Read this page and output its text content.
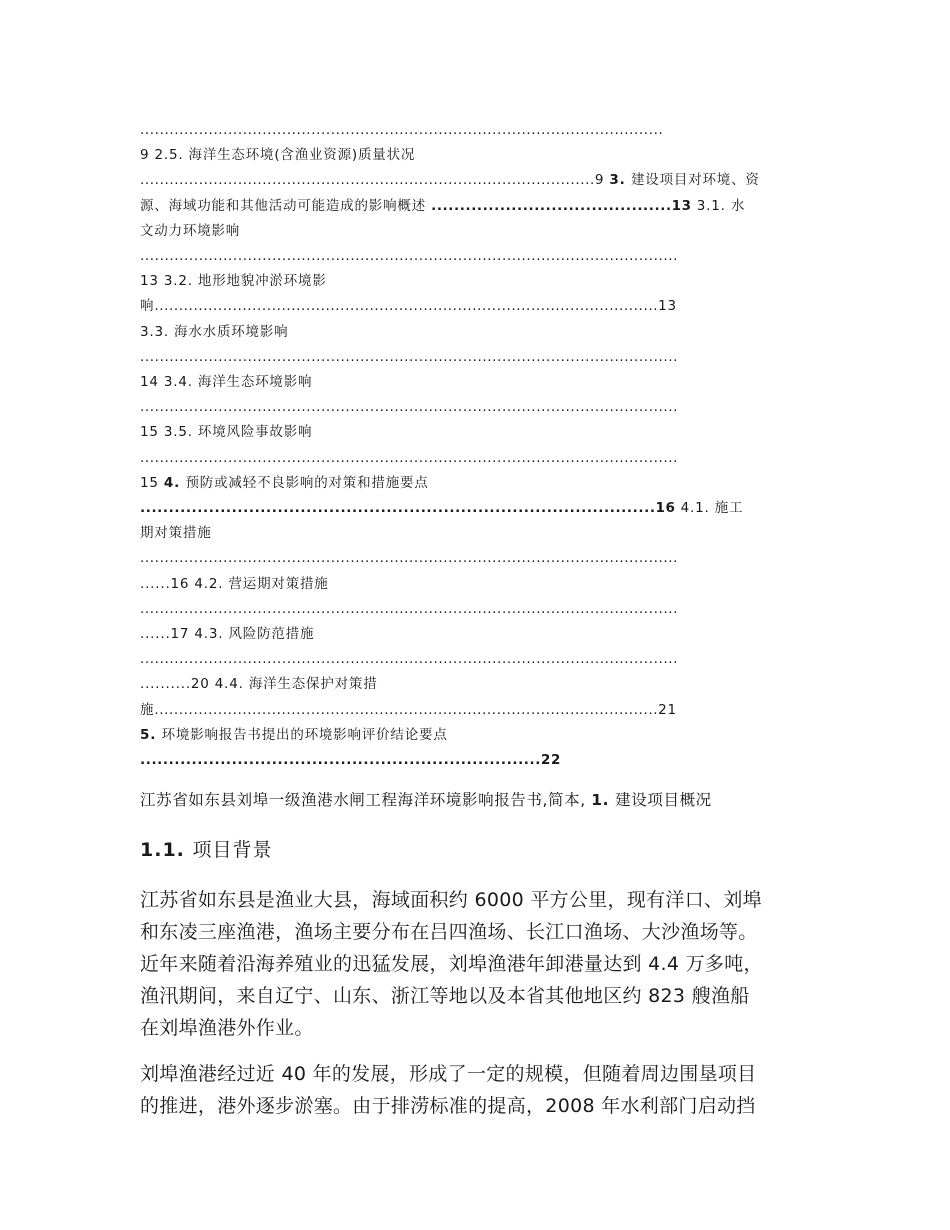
...........................................................................................................
9 2.5. 海洋生态环境(含渔业资源)质量状况
.............................................................................................9 3. 建设项目对环境、资
源、海域功能和其他活动可能造成的影响概述 ..........................................13 3.1. 水
文动力环境影响
..............................................................................................................
13 3.2. 地形地貌冲淤环境影
响.......................................................................................................13
3.3. 海水水质环境影响
..............................................................................................................
14 3.4. 海洋生态环境影响
..............................................................................................................
15 3.5. 环境风险事故影响
..............................................................................................................
15 4. 预防或减轻不良影响的对策和措施要点
..........................................................................................16 4.1. 施工
期对策措施
..............................................................................................................
......16 4.2. 营运期对策措施
..............................................................................................................
......17 4.3. 风险防范措施
..............................................................................................................
..........20 4.4. 海洋生态保护对策措
施.......................................................................................................21
5. 环境影响报告书提出的环境影响评价结论要点
......................................................................22
江苏省如东县刘埠一级渔港水闸工程海洋环境影响报告书,简本, 1. 建设项目概况
1.1. 项目背景
江苏省如东县是渔业大县，海域面积约 6000 平方公里，现有洋口、刘埠
和东凌三座渔港，渔场主要分布在吕四渔场、长江口渔场、大沙渔场等。
近年来随着沿海养殖业的迅猛发展，刘埠渔港年卸港量达到 4.4 万多吨，
渔汛期间，来自辽宁、山东、浙江等地以及本省其他地区约 823 艘渔船
在刘埠渔港外作业。
刘埠渔港经过近 40 年的发展，形成了一定的规模，但随着周边围垦项目
的推进，港外逐步淤塞。由于排涝标准的提高，2008 年水利部门启动挡
